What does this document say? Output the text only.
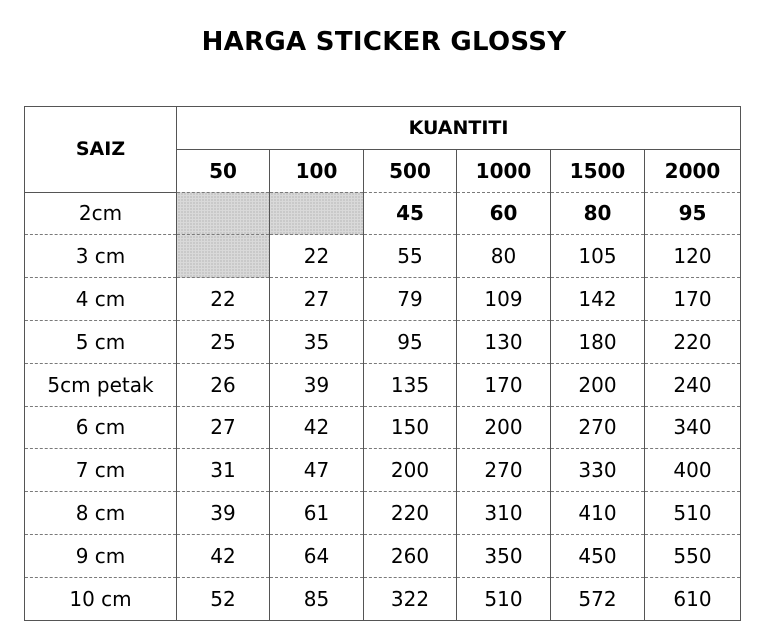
HARGA STICKER GLOSSY
SAIZ	KUANTITI					
	50	100	500	1000	1500	2000
2cm			45	60	80	95
3 cm		22	55	80	105	120
4 cm	22	27	79	109	142	170
5 cm	25	35	95	130	180	220
5cm petak	26	39	135	170	200	240
6 cm	27	42	150	200	270	340
7 cm	31	47	200	270	330	400
8 cm	39	61	220	310	410	510
9 cm	42	64	260	350	450	550
10 cm	52	85	322	510	572	610
